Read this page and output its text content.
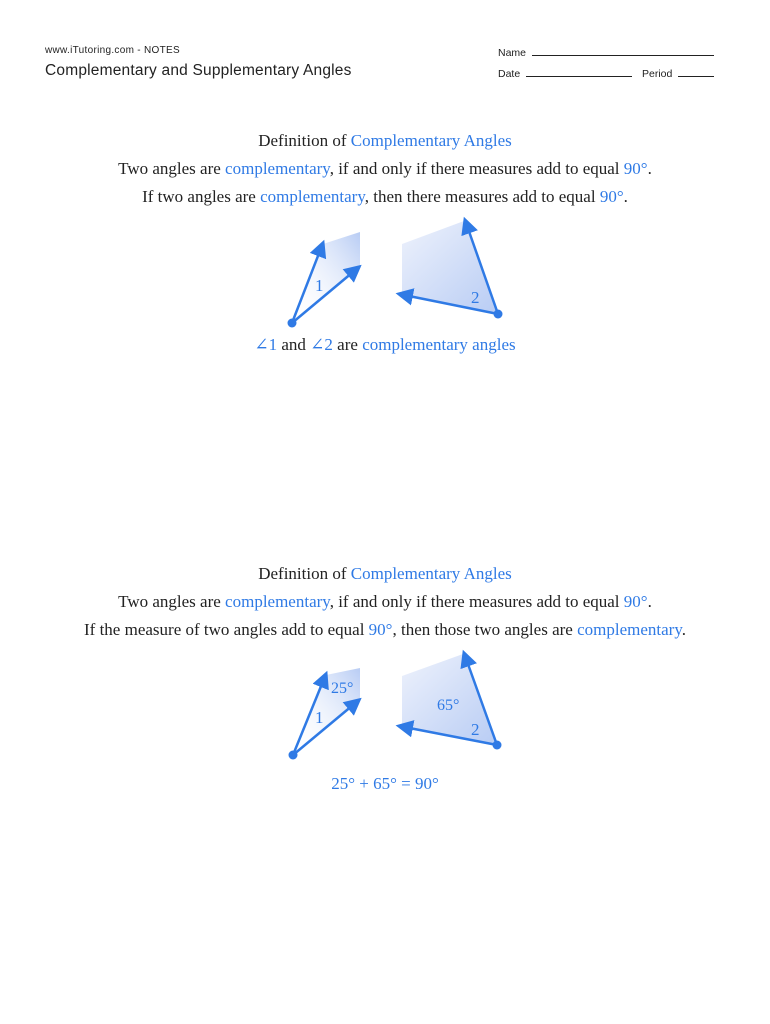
www.iTutoring.com - NOTES
Complementary and Supplementary Angles
Name
Date	Period
Definition of Complementary Angles
Two angles are complementary, if and only if there measures add to equal 90°.
If two angles are complementary, then there measures add to equal 90°.
1
2
25°
1
65°
2
∠1 and ∠2 are complementary angles
Definition of Complementary Angles
Two angles are complementary, if and only if there measures add to equal 90°.
If the measure of two angles add to equal 90°, then those two angles are complementary.
25° + 65° = 90°
